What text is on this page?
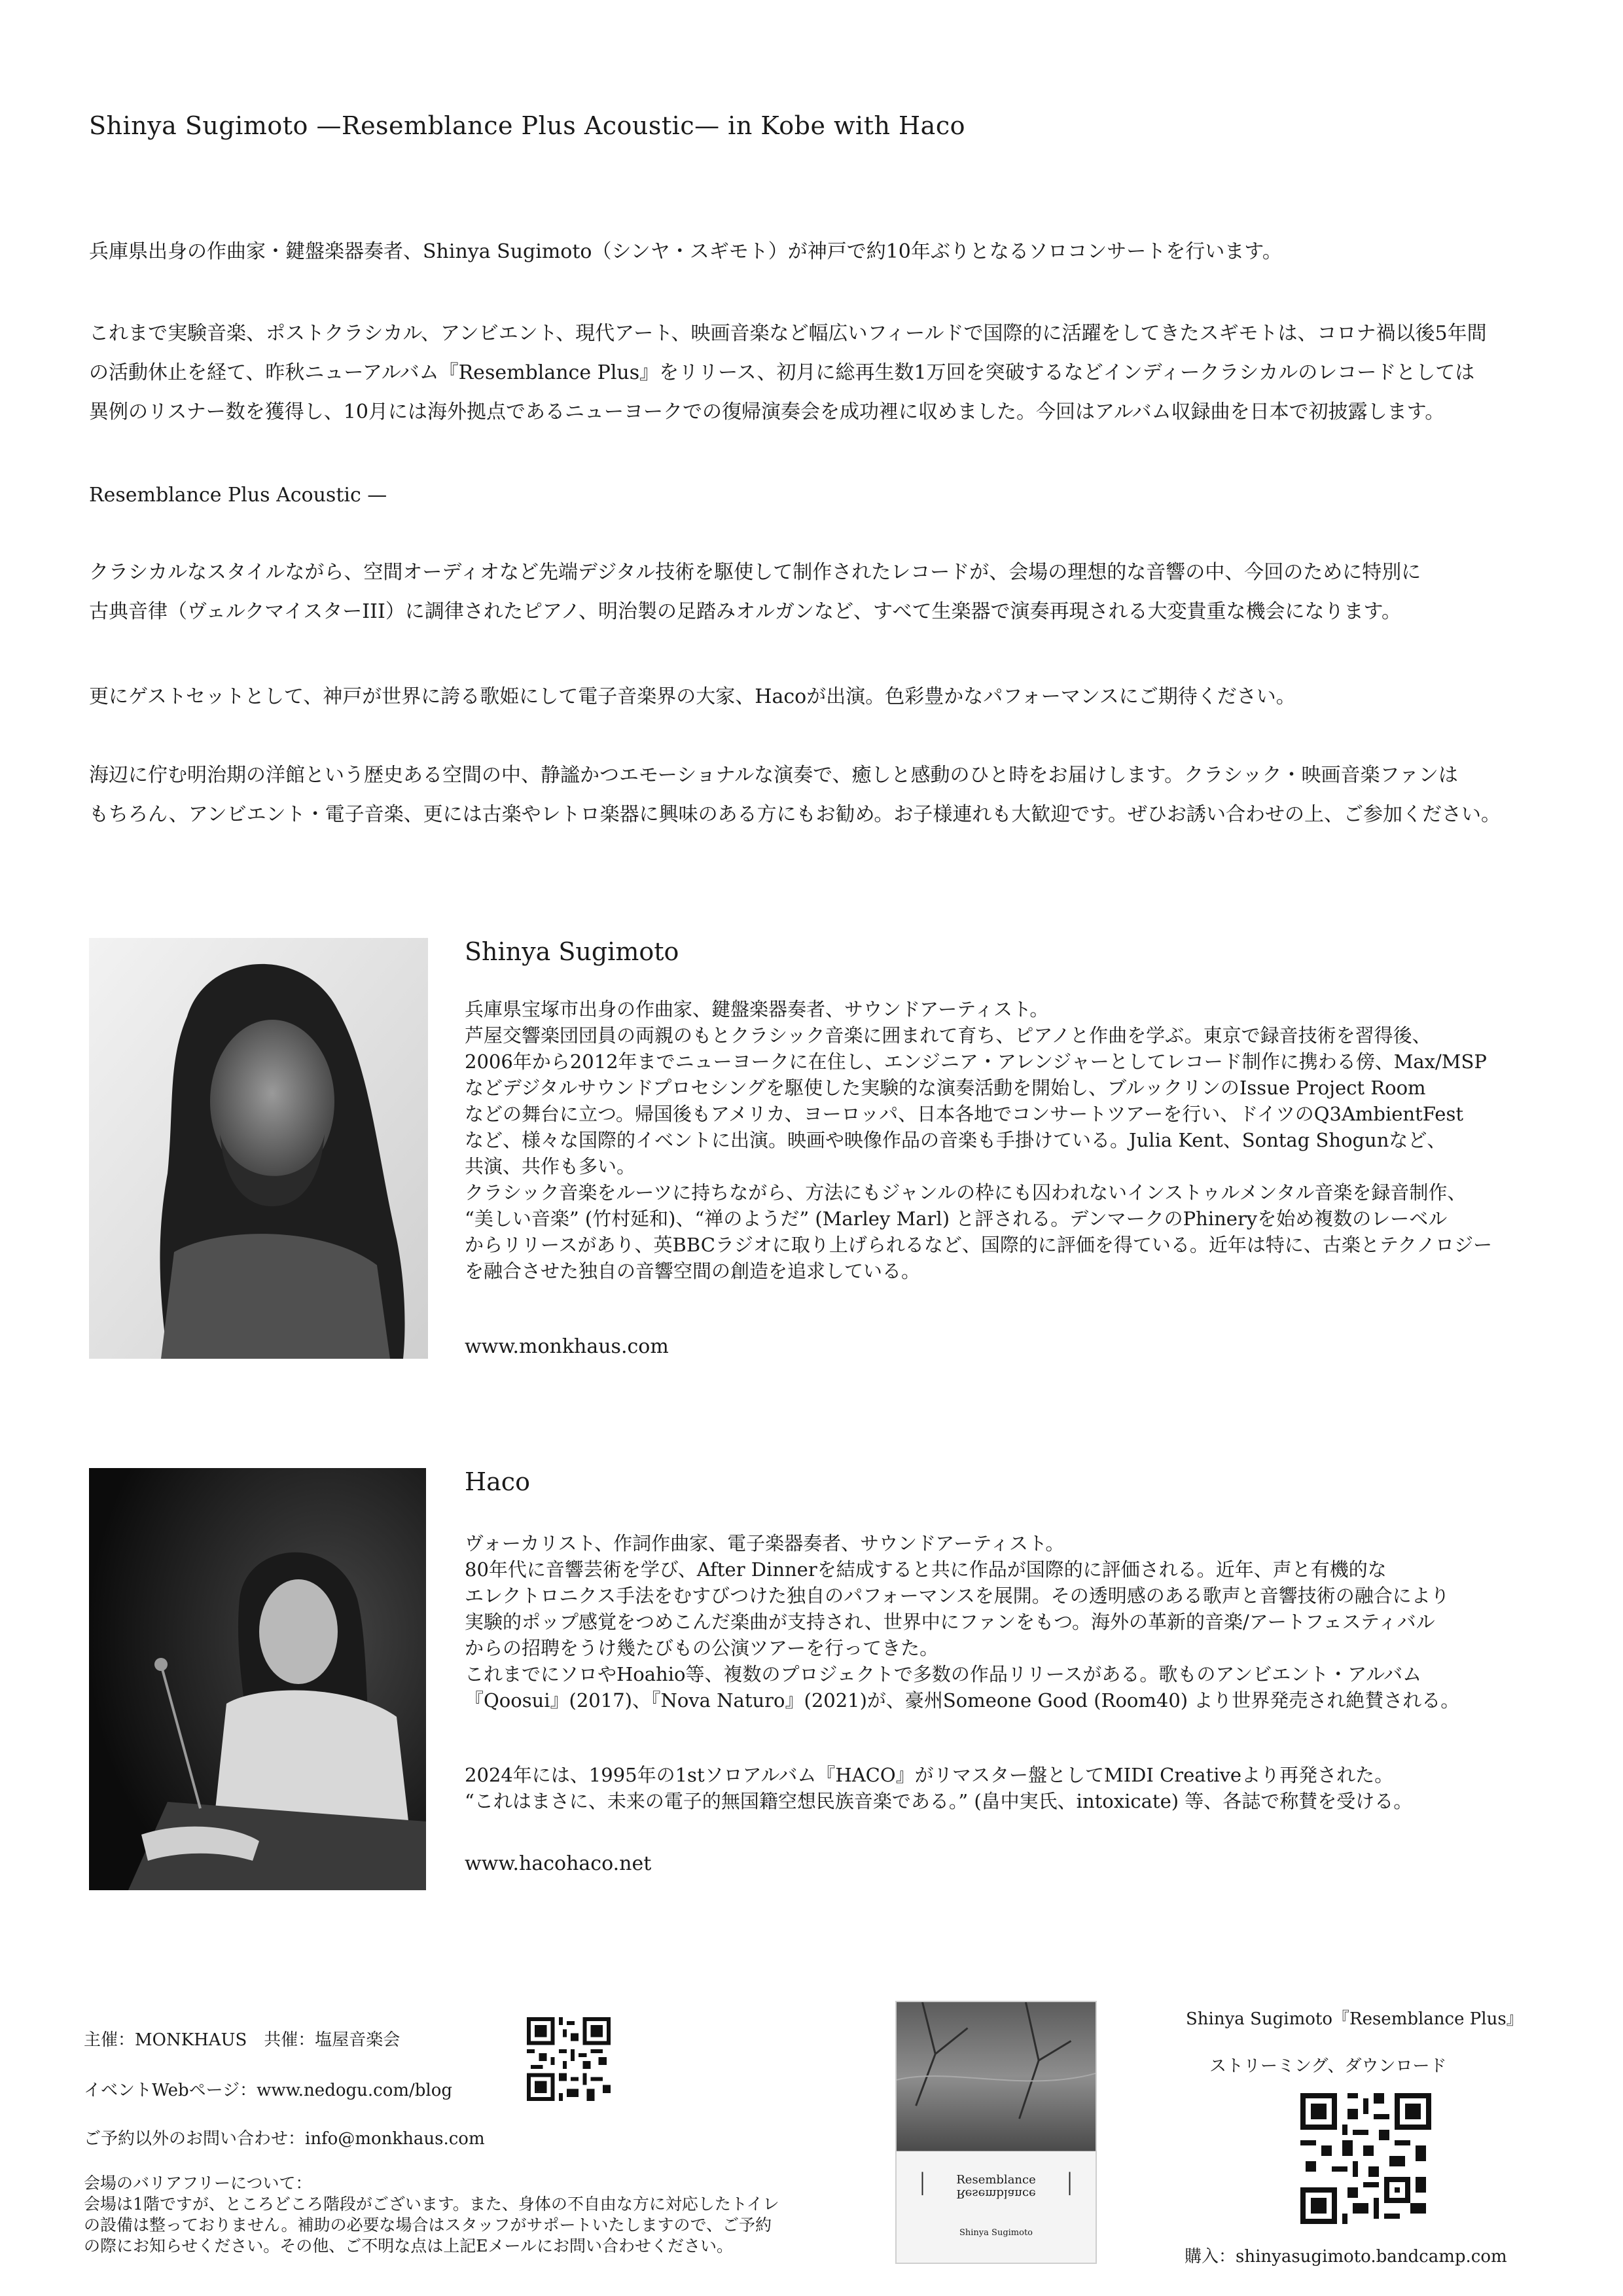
Shinya Sugimoto —Resemblance Plus Acoustic— in Kobe with Haco

兵庫県出身の作曲家・鍵盤楽器奏者、Shinya Sugimoto（シンヤ・スギモト）が神戸で約10年ぶりとなるソロコンサートを行います。

これまで実験音楽、ポストクラシカル、アンビエント、現代アート、映画音楽など幅広いフィールドで国際的に活躍をしてきたスギモトは、コロナ禍以後5年間

の活動休止を経て、昨秋ニューアルバム『Resemblance Plus』をリリース、初月に総再生数1万回を突破するなどインディークラシカルのレコードとしては

異例のリスナー数を獲得し、10月には海外拠点であるニューヨークでの復帰演奏会を成功裡に収めました。今回はアルバム収録曲を日本で初披露します。

Resemblance Plus Acoustic —

クラシカルなスタイルながら、空間オーディオなど先端デジタル技術を駆使して制作されたレコードが、会場の理想的な音響の中、今回のために特別に

古典音律（ヴェルクマイスターIII）に調律されたピアノ、明治製の足踏みオルガンなど、すべて生楽器で演奏再現される大変貴重な機会になります。

更にゲストセットとして、神戸が世界に誇る歌姫にして電子音楽界の大家、Hacoが出演。色彩豊かなパフォーマンスにご期待ください。

海辺に佇む明治期の洋館という歴史ある空間の中、静謐かつエモーショナルな演奏で、癒しと感動のひと時をお届けします。クラシック・映画音楽ファンは

もちろん、アンビエント・電子音楽、更には古楽やレトロ楽器に興味のある方にもお勧め。お子様連れも大歓迎です。ぜひお誘い合わせの上、ご参加ください。

Shinya Sugimoto

兵庫県宝塚市出身の作曲家、鍵盤楽器奏者、サウンドアーティスト。

芦屋交響楽団団員の両親のもとクラシック音楽に囲まれて育ち、ピアノと作曲を学ぶ。東京で録音技術を習得後、

2006年から2012年までニューヨークに在住し、エンジニア・アレンジャーとしてレコード制作に携わる傍、Max/MSP

などデジタルサウンドプロセシングを駆使した実験的な演奏活動を開始し、ブルックリンのIssue Project Room

などの舞台に立つ。帰国後もアメリカ、ヨーロッパ、日本各地でコンサートツアーを行い、ドイツのQ3AmbientFest

など、様々な国際的イベントに出演。映画や映像作品の音楽も手掛けている。Julia Kent、Sontag Shogunなど、

共演、共作も多い。

クラシック音楽をルーツに持ちながら、方法にもジャンルの枠にも囚われないインストゥルメンタル音楽を録音制作、

“美しい音楽” (竹村延和)、“禅のようだ” (Marley Marl) と評される。デンマークのPhineryを始め複数のレーベル

からリリースがあり、英BBCラジオに取り上げられるなど、国際的に評価を得ている。近年は特に、古楽とテクノロジー

を融合させた独自の音響空間の創造を追求している。

www.monkhaus.com
Haco

ヴォーカリスト、作詞作曲家、電子楽器奏者、サウンドアーティスト。

80年代に音響芸術を学び、After Dinnerを結成すると共に作品が国際的に評価される。近年、声と有機的な

エレクトロニクス手法をむすびつけた独自のパフォーマンスを展開。その透明感のある歌声と音響技術の融合により

実験的ポップ感覚をつめこんだ楽曲が支持され、世界中にファンをもつ。海外の革新的音楽/アートフェスティバル

からの招聘をうけ幾たびもの公演ツアーを行ってきた。

これまでにソロやHoahio等、複数のプロジェクトで多数の作品リリースがある。歌ものアンビエント・アルバム

『Qoosui』(2017)、『Nova Naturo』(2021)が、豪州Someone Good (Room40) より世界発売され絶賛される。

2024年には、1995年の1stソロアルバム『HACO』がリマスター盤としてMIDI Creativeより再発された。

“これはまさに、未来の電子的無国籍空想民族音楽である。” (畠中実氏、intoxicate) 等、各誌で称賛を受ける。

www.hacohaco.net
主催：MONKHAUS　共催：塩屋音楽会
イベントWebページ：www.nedogu.com/blog
ご予約以外のお問い合わせ：info@monkhaus.com

会場のバリアフリーについて：

会場は1階ですが、ところどころ階段がございます。また、身体の不自由な方に対応したトイレ

の設備は整っておりません。補助の必要な場合はスタッフがサポートいたしますので、ご予約

の際にお知らせください。その他、ご不明な点は上記Eメールにお問い合わせください。

Resemblance
Resemblance
Shinya Sugimoto
Shinya Sugimoto『Resemblance Plus』
ストリーミング、ダウンロード
購入：shinyasugimoto.bandcamp.com
